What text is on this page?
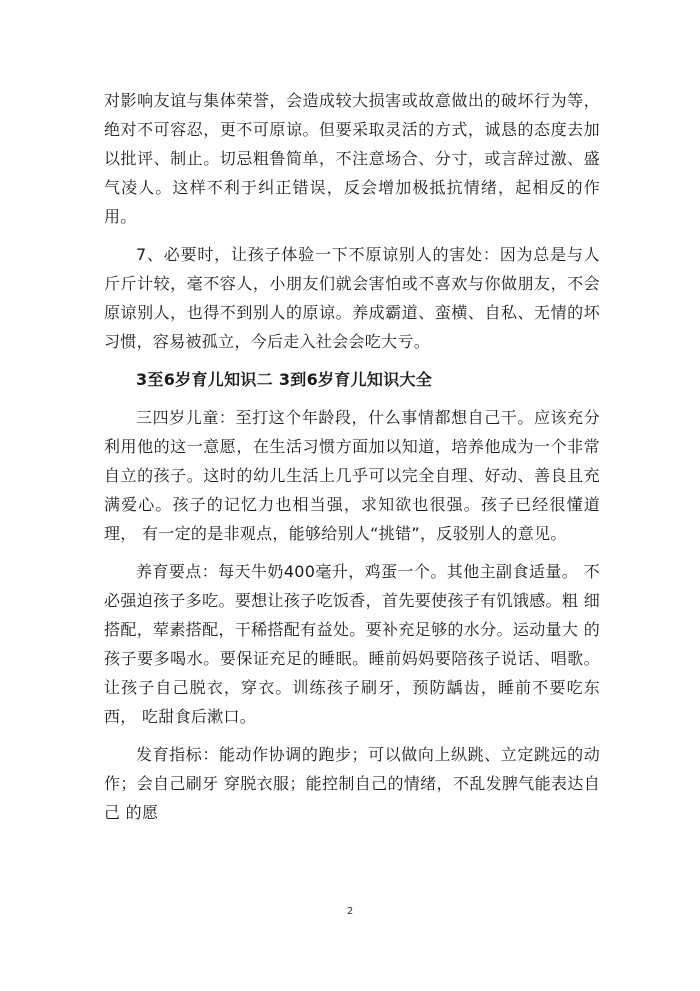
对影响友谊与集体荣誉，会造成较大损害或故意做出的破坏行为等， 绝对不可容忍，更不可原谅。但要采取灵活的方式，诚恳的态度去加 以批评、制止。切忌粗鲁简单，不注意场合、分寸，或言辞过激、盛 气凌人。这样不利于纠正错误，反会增加极抵抗情绪，起相反的作用。

7、必要时，让孩子体验一下不原谅别人的害处：因为总是与人 斤斤计较，毫不容人，小朋友们就会害怕或不喜欢与你做朋友，不会 原谅别人，也得不到别人的原谅。养成霸道、蛮横、自私、无情的坏 习惯，容易被孤立，今后走入社会会吃大亏。

3至6岁育儿知识二 3到6岁育儿知识大全

三四岁儿童：至打这个年龄段，什么事情都想自己干。应该充分 利用他的这一意愿，在生活习惯方面加以知道，培养他成为一个非常 自立的孩子。这时的幼儿生活上几乎可以完全自理、好动、善良且充 满爱心。孩子的记忆力也相当强，求知欲也很强。孩子已经很懂道理， 有一定的是非观点，能够给别人“挑错”，反驳别人的意见。

养育要点：每天牛奶400毫升，鸡蛋一个。其他主副食适量。 不必强迫孩子多吃。要想让孩子吃饭香，首先要使孩子有饥饿感。粗 细搭配，荤素搭配，干稀搭配有益处。要补充足够的水分。运动量大 的孩子要多喝水。要保证充足的睡眠。睡前妈妈要陪孩子说话、唱歌。 让孩子自己脱衣，穿衣。训练孩子刷牙，预防龋齿，睡前不要吃东西， 吃甜食后漱口。

发育指标：能动作协调的跑步；可以做向上纵跳、立定跳远的动 作；会自己刷牙 穿脱衣服；能控制自己的情绪，不乱发脾气能表达自己 的愿

2
